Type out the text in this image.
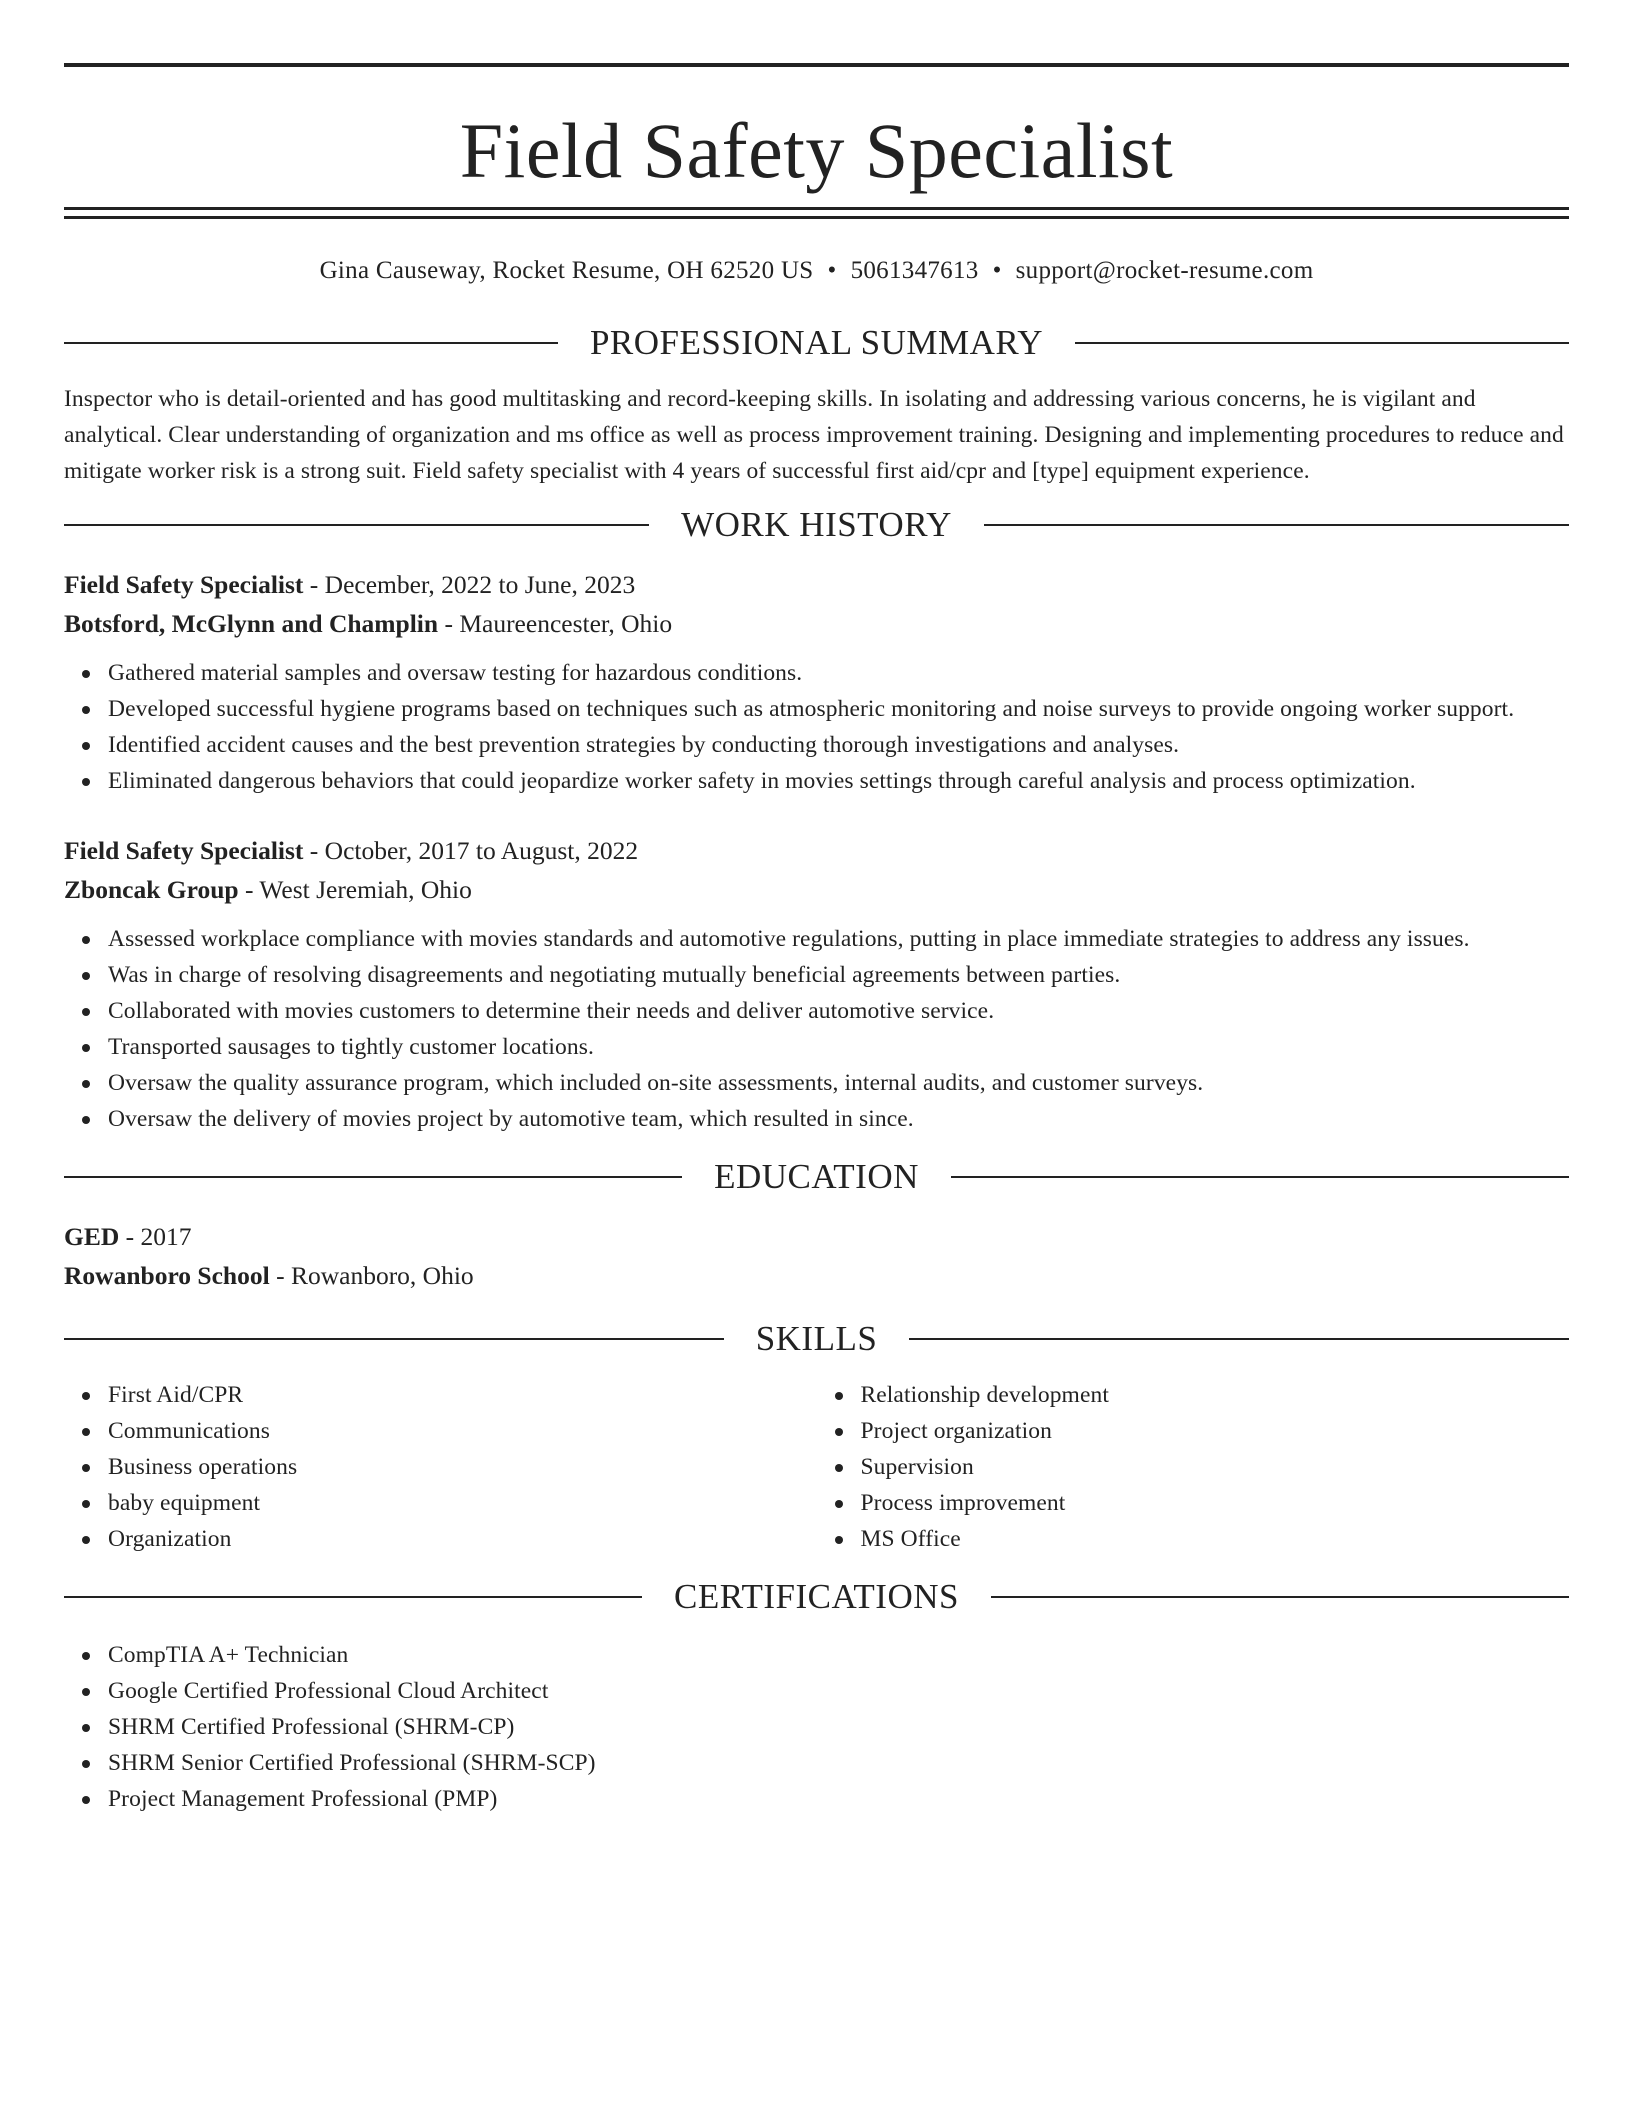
Field Safety Specialist
Gina Causeway, Rocket Resume, OH 62520 US • 5061347613 • support@rocket-resume.com
PROFESSIONAL SUMMARY

Inspector who is detail-oriented and has good multitasking and record-keeping skills. In isolating and addressing various concerns, he is vigilant and analytical. Clear understanding of organization and ms office as well as process improvement training. Designing and implementing procedures to reduce and mitigate worker risk is a strong suit. Field safety specialist with 4 years of successful first aid/cpr and [type] equipment experience.

WORK HISTORY

Field Safety Specialist - December, 2022 to June, 2023

Botsford, McGlynn and Champlin - Maureencester, Ohio

Gathered material samples and oversaw testing for hazardous conditions.
Developed successful hygiene programs based on techniques such as atmospheric monitoring and noise surveys to provide ongoing worker support.
Identified accident causes and the best prevention strategies by conducting thorough investigations and analyses.
Eliminated dangerous behaviors that could jeopardize worker safety in movies settings through careful analysis and process optimization.

Field Safety Specialist - October, 2017 to August, 2022

Zboncak Group - West Jeremiah, Ohio

Assessed workplace compliance with movies standards and automotive regulations, putting in place immediate strategies to address any issues.
Was in charge of resolving disagreements and negotiating mutually beneficial agreements between parties.
Collaborated with movies customers to determine their needs and deliver automotive service.
Transported sausages to tightly customer locations.
Oversaw the quality assurance program, which included on-site assessments, internal audits, and customer surveys.
Oversaw the delivery of movies project by automotive team, which resulted in since.
EDUCATION

GED - 2017

Rowanboro School - Rowanboro, Ohio

SKILLS
First Aid/CPR
Communications
Business operations
baby equipment
Organization
Relationship development
Project organization
Supervision
Process improvement
MS Office
CERTIFICATIONS
CompTIA A+ Technician
Google Certified Professional Cloud Architect
SHRM Certified Professional (SHRM-CP)
SHRM Senior Certified Professional (SHRM-SCP)
Project Management Professional (PMP)
